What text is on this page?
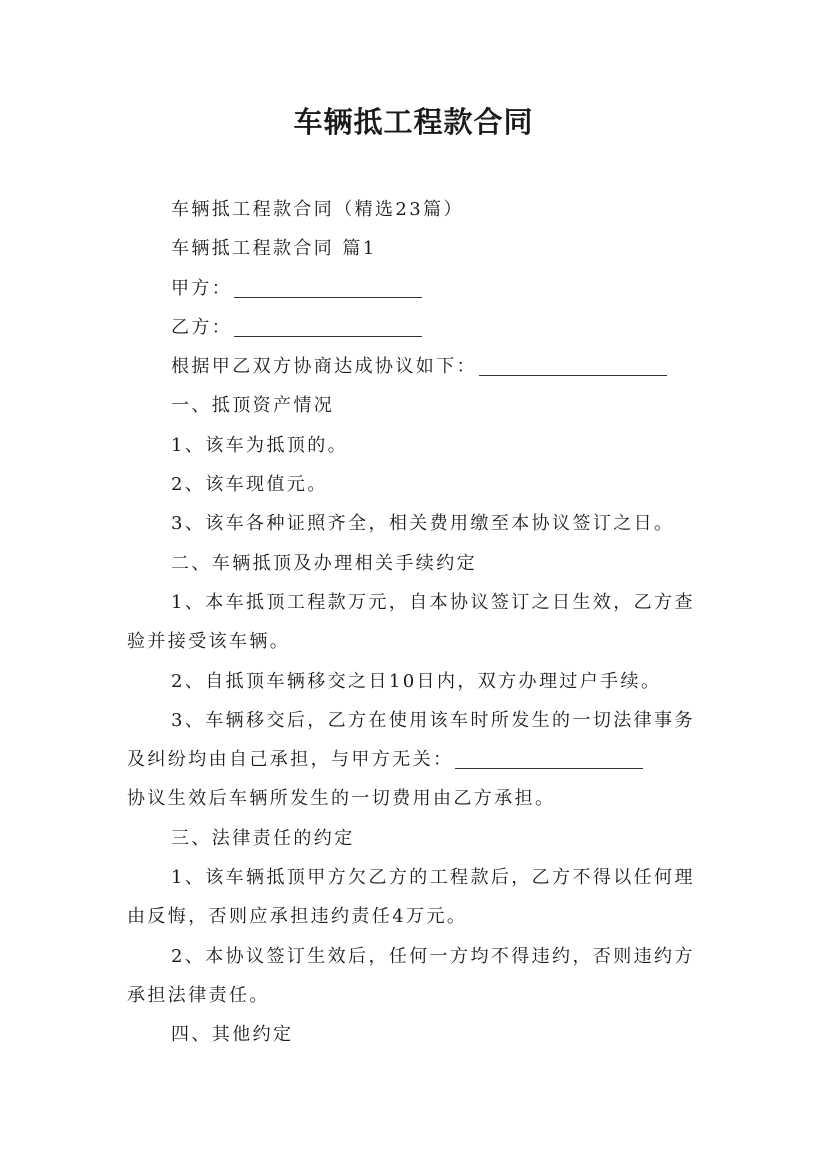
车辆抵工程款合同

车辆抵工程款合同（精选23篇）

车辆抵工程款合同 篇1

甲方：

乙方：

根据甲乙双方协商达成协议如下：

一、抵顶资产情况

1、该车为抵顶的。

2、该车现值元。

3、该车各种证照齐全，相关费用缴至本协议签订之日。

二、车辆抵顶及办理相关手续约定

1、本车抵顶工程款万元，自本协议签订之日生效，乙方查验并接受该车辆。

2、自抵顶车辆移交之日10日内，双方办理过户手续。

3、车辆移交后，乙方在使用该车时所发生的一切法律事务及纠纷均由自己承担，与甲方无关：

协议生效后车辆所发生的一切费用由乙方承担。

三、法律责任的约定

1、该车辆抵顶甲方欠乙方的工程款后，乙方不得以任何理由反悔，否则应承担违约责任4万元。

2、本协议签订生效后，任何一方均不得违约，否则违约方承担法律责任。

四、其他约定
